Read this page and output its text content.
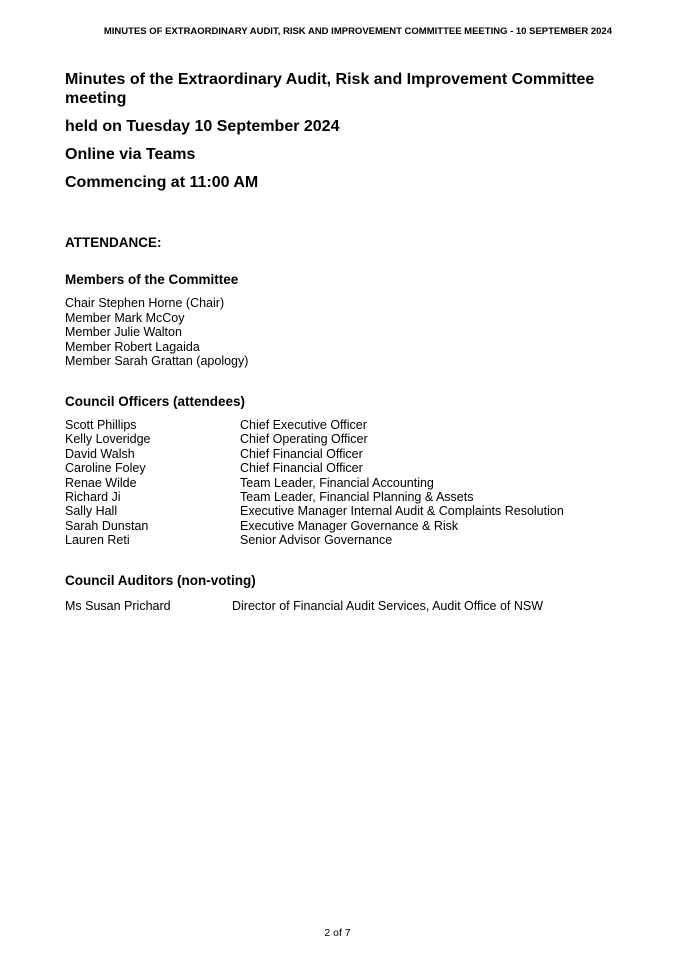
MINUTES OF EXTRAORDINARY AUDIT, RISK AND IMPROVEMENT COMMITTEE MEETING - 10 SEPTEMBER 2024

Minutes of the Extraordinary Audit, Risk and Improvement Committee meeting

held on Tuesday 10 September 2024

Online via Teams

Commencing at 11:00 AM

ATTENDANCE:
Members of the Committee
Chair Stephen Horne (Chair)
Member Mark McCoy
Member Julie Walton
Member Robert Lagaida
Member Sarah Grattan (apology)
Council Officers (attendees)
Scott Phillips	Chief Executive Officer
Kelly Loveridge	Chief Operating Officer
David Walsh	Chief Financial Officer
Caroline Foley	Chief Financial Officer
Renae Wilde	Team Leader, Financial Accounting
Richard Ji	Team Leader, Financial Planning & Assets
Sally Hall	Executive Manager Internal Audit & Complaints Resolution
Sarah Dunstan	Executive Manager Governance & Risk
Lauren Reti	Senior Advisor Governance
Council Auditors (non-voting)
Ms Susan Prichard	Director of Financial Audit Services, Audit Office of NSW
2 of 7
